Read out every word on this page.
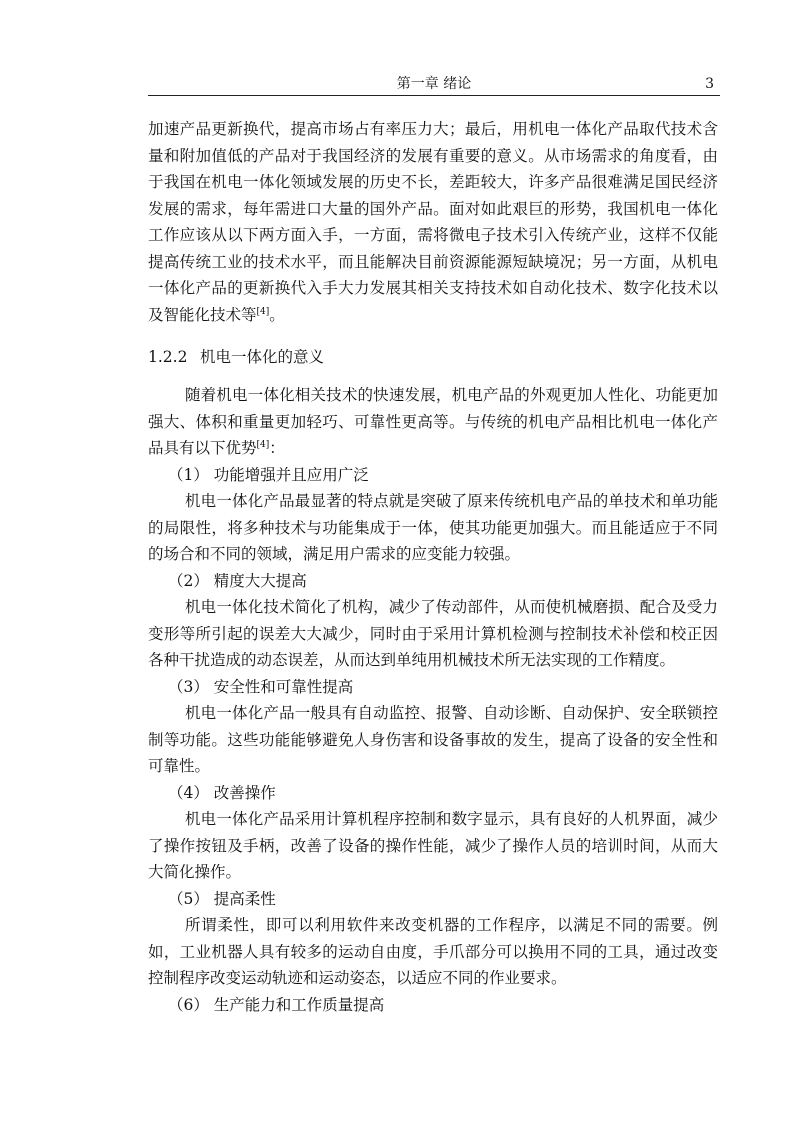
第一章 绪论	3

加速产品更新换代，提高市场占有率压力大；最后，用机电一体化产品取代技术含量和附加值低的产品对于我国经济的发展有重要的意义。从市场需求的角度看，由于我国在机电一体化领域发展的历史不长，差距较大，许多产品很难满足国民经济发展的需求，每年需进口大量的国外产品。面对如此艰巨的形势，我国机电一体化工作应该从以下两方面入手，一方面，需将微电子技术引入传统产业，这样不仅能提高传统工业的技术水平，而且能解决目前资源能源短缺境况；另一方面，从机电一体化产品的更新换代入手大力发展其相关支持技术如自动化技术、数字化技术以及智能化技术等[4]。

1.2.2 机电一体化的意义

随着机电一体化相关技术的快速发展，机电产品的外观更加人性化、功能更加强大、体积和重量更加轻巧、可靠性更高等。与传统的机电产品相比机电一体化产品具有以下优势[4]：

（1） 功能增强并且应用广泛

机电一体化产品最显著的特点就是突破了原来传统机电产品的单技术和单功能的局限性，将多种技术与功能集成于一体，使其功能更加强大。而且能适应于不同的场合和不同的领域，满足用户需求的应变能力较强。

（2） 精度大大提高

机电一体化技术简化了机构，减少了传动部件，从而使机械磨损、配合及受力变形等所引起的误差大大减少，同时由于采用计算机检测与控制技术补偿和校正因各种干扰造成的动态误差，从而达到单纯用机械技术所无法实现的工作精度。

（3） 安全性和可靠性提高

机电一体化产品一般具有自动监控、报警、自动诊断、自动保护、安全联锁控制等功能。这些功能能够避免人身伤害和设备事故的发生，提高了设备的安全性和可靠性。

（4） 改善操作

机电一体化产品采用计算机程序控制和数字显示，具有良好的人机界面，减少了操作按钮及手柄，改善了设备的操作性能，减少了操作人员的培训时间，从而大大简化操作。

（5） 提高柔性

所谓柔性，即可以利用软件来改变机器的工作程序，以满足不同的需要。例如，工业机器人具有较多的运动自由度，手爪部分可以换用不同的工具，通过改变控制程序改变运动轨迹和运动姿态，以适应不同的作业要求。

（6） 生产能力和工作质量提高
